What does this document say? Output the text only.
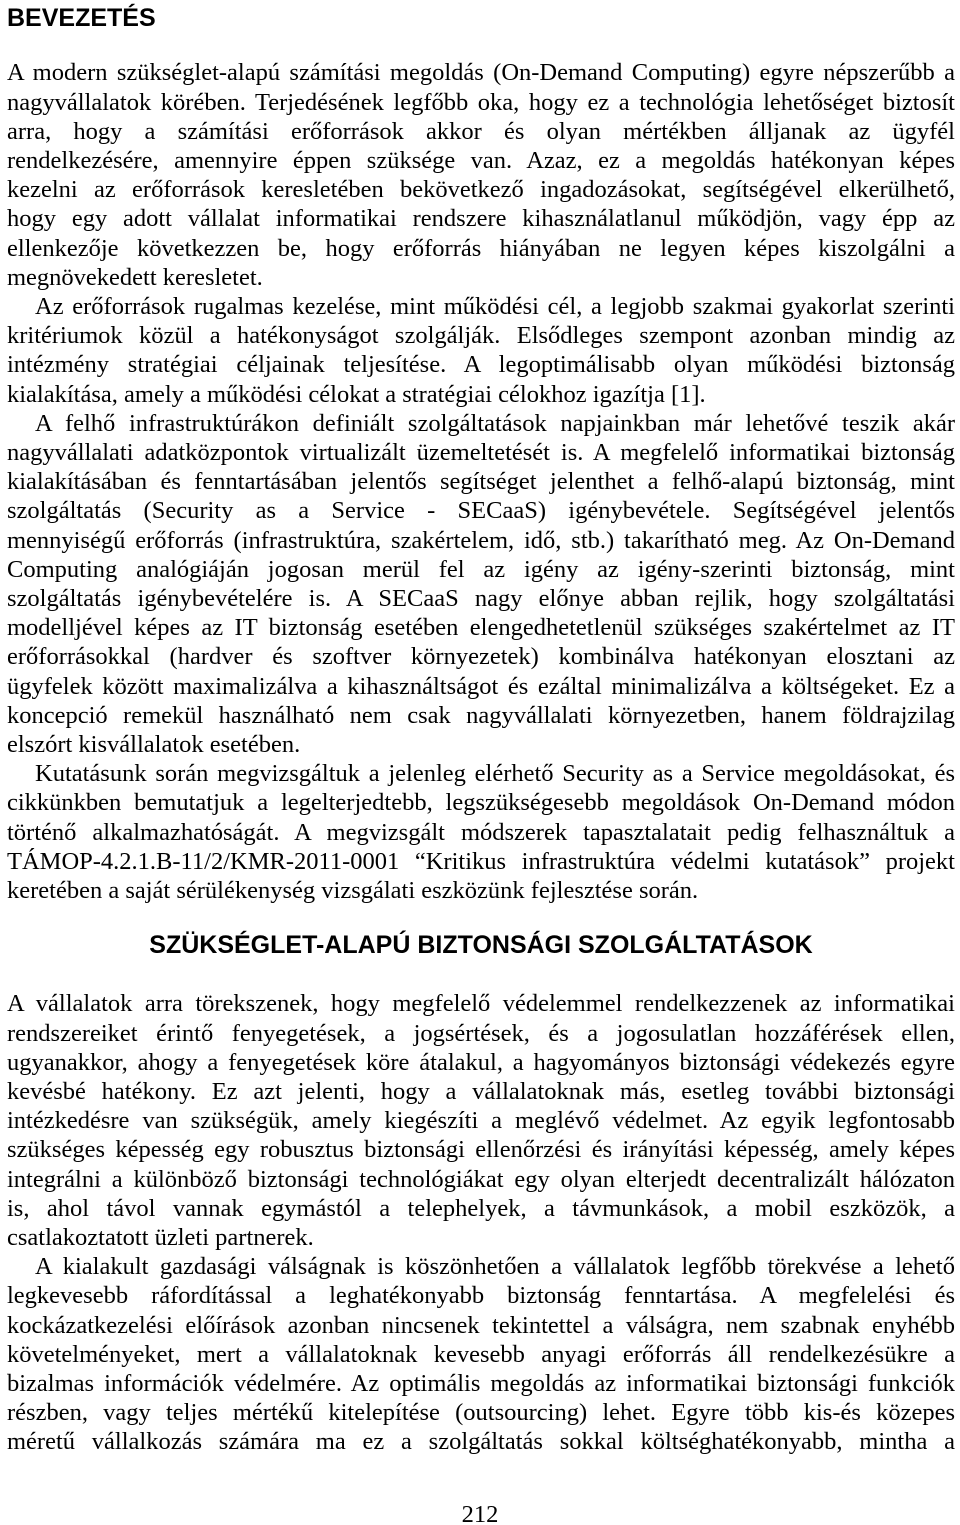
BEVEZETÉS

A modern szükséglet-alapú számítási megoldás (On-Demand Computing) egyre népszerűbb a
nagyvállalatok körében. Terjedésének legfőbb oka, hogy ez a technológia lehetőséget biztosít
arra, hogy a számítási erőforrások akkor és olyan mértékben álljanak az ügyfél
rendelkezésére, amennyire éppen szüksége van. Azaz, ez a megoldás hatékonyan képes
kezelni az erőforrások keresletében bekövetkező ingadozásokat, segítségével elkerülhető,
hogy egy adott vállalat informatikai rendszere kihasználatlanul működjön, vagy épp az
ellenkezője következzen be, hogy erőforrás hiányában ne legyen képes kiszolgálni a
megnövekedett keresletet.

Az erőforrások rugalmas kezelése, mint működési cél, a legjobb szakmai gyakorlat szerinti
kritériumok közül a hatékonyságot szolgálják. Elsődleges szempont azonban mindig az
intézmény stratégiai céljainak teljesítése. A legoptimálisabb olyan működési biztonság
kialakítása, amely a működési célokat a stratégiai célokhoz igazítja [1].

A felhő infrastruktúrákon definiált szolgáltatások napjainkban már lehetővé teszik akár
nagyvállalati adatközpontok virtualizált üzemeltetését is. A megfelelő informatikai biztonság
kialakításában és fenntartásában jelentős segítséget jelenthet a felhő-alapú biztonság, mint
szolgáltatás (Security as a Service - SECaaS) igénybevétele. Segítségével jelentős
mennyiségű erőforrás (infrastruktúra, szakértelem, idő, stb.) takarítható meg. Az On-Demand
Computing analógiáján jogosan merül fel az igény az igény-szerinti biztonság, mint
szolgáltatás igénybevételére is. A SECaaS nagy előnye abban rejlik, hogy szolgáltatási
modelljével képes az IT biztonság esetében elengedhetetlenül szükséges szakértelmet az IT
erőforrásokkal (hardver és szoftver környezetek) kombinálva hatékonyan elosztani az
ügyfelek között maximalizálva a kihasználtságot és ezáltal minimalizálva a költségeket. Ez a
koncepció remekül használható nem csak nagyvállalati környezetben, hanem földrajzilag
elszórt kisvállalatok esetében.

Kutatásunk során megvizsgáltuk a jelenleg elérhető Security as a Service megoldásokat, és
cikkünkben bemutatjuk a legelterjedtebb, legszükségesebb megoldások On-Demand módon
történő alkalmazhatóságát. A megvizsgált módszerek tapasztalatait pedig felhasználtuk a
TÁMOP-4.2.1.B-11/2/KMR-2011-0001 “Kritikus infrastruktúra védelmi kutatások” projekt
keretében a saját sérülékenység vizsgálati eszközünk fejlesztése során.

SZÜKSÉGLET-ALAPÚ BIZTONSÁGI SZOLGÁLTATÁSOK

A vállalatok arra törekszenek, hogy megfelelő védelemmel rendelkezzenek az informatikai
rendszereiket érintő fenyegetések, a jogsértések, és a jogosulatlan hozzáférések ellen,
ugyanakkor, ahogy a fenyegetések köre átalakul, a hagyományos biztonsági védekezés egyre
kevésbé hatékony. Ez azt jelenti, hogy a vállalatoknak más, esetleg további biztonsági
intézkedésre van szükségük, amely kiegészíti a meglévő védelmet. Az egyik legfontosabb
szükséges képesség egy robusztus biztonsági ellenőrzési és irányítási képesség, amely képes
integrálni a különböző biztonsági technológiákat egy olyan elterjedt decentralizált hálózaton
is, ahol távol vannak egymástól a telephelyek, a távmunkások, a mobil eszközök, a
csatlakoztatott üzleti partnerek.

A kialakult gazdasági válságnak is köszönhetően a vállalatok legfőbb törekvése a lehető
legkevesebb ráfordítással a leghatékonyabb biztonság fenntartása. A megfelelési és
kockázatkezelési előírások azonban nincsenek tekintettel a válságra, nem szabnak enyhébb
követelményeket, mert a vállalatoknak kevesebb anyagi erőforrás áll rendelkezésükre a
bizalmas információk védelmére. Az optimális megoldás az informatikai biztonsági funkciók
részben, vagy teljes mértékű kitelepítése (outsourcing) lehet. Egyre több kis-és közepes
méretű vállalkozás számára ma ez a szolgáltatás sokkal költséghatékonyabb, mintha a

212
